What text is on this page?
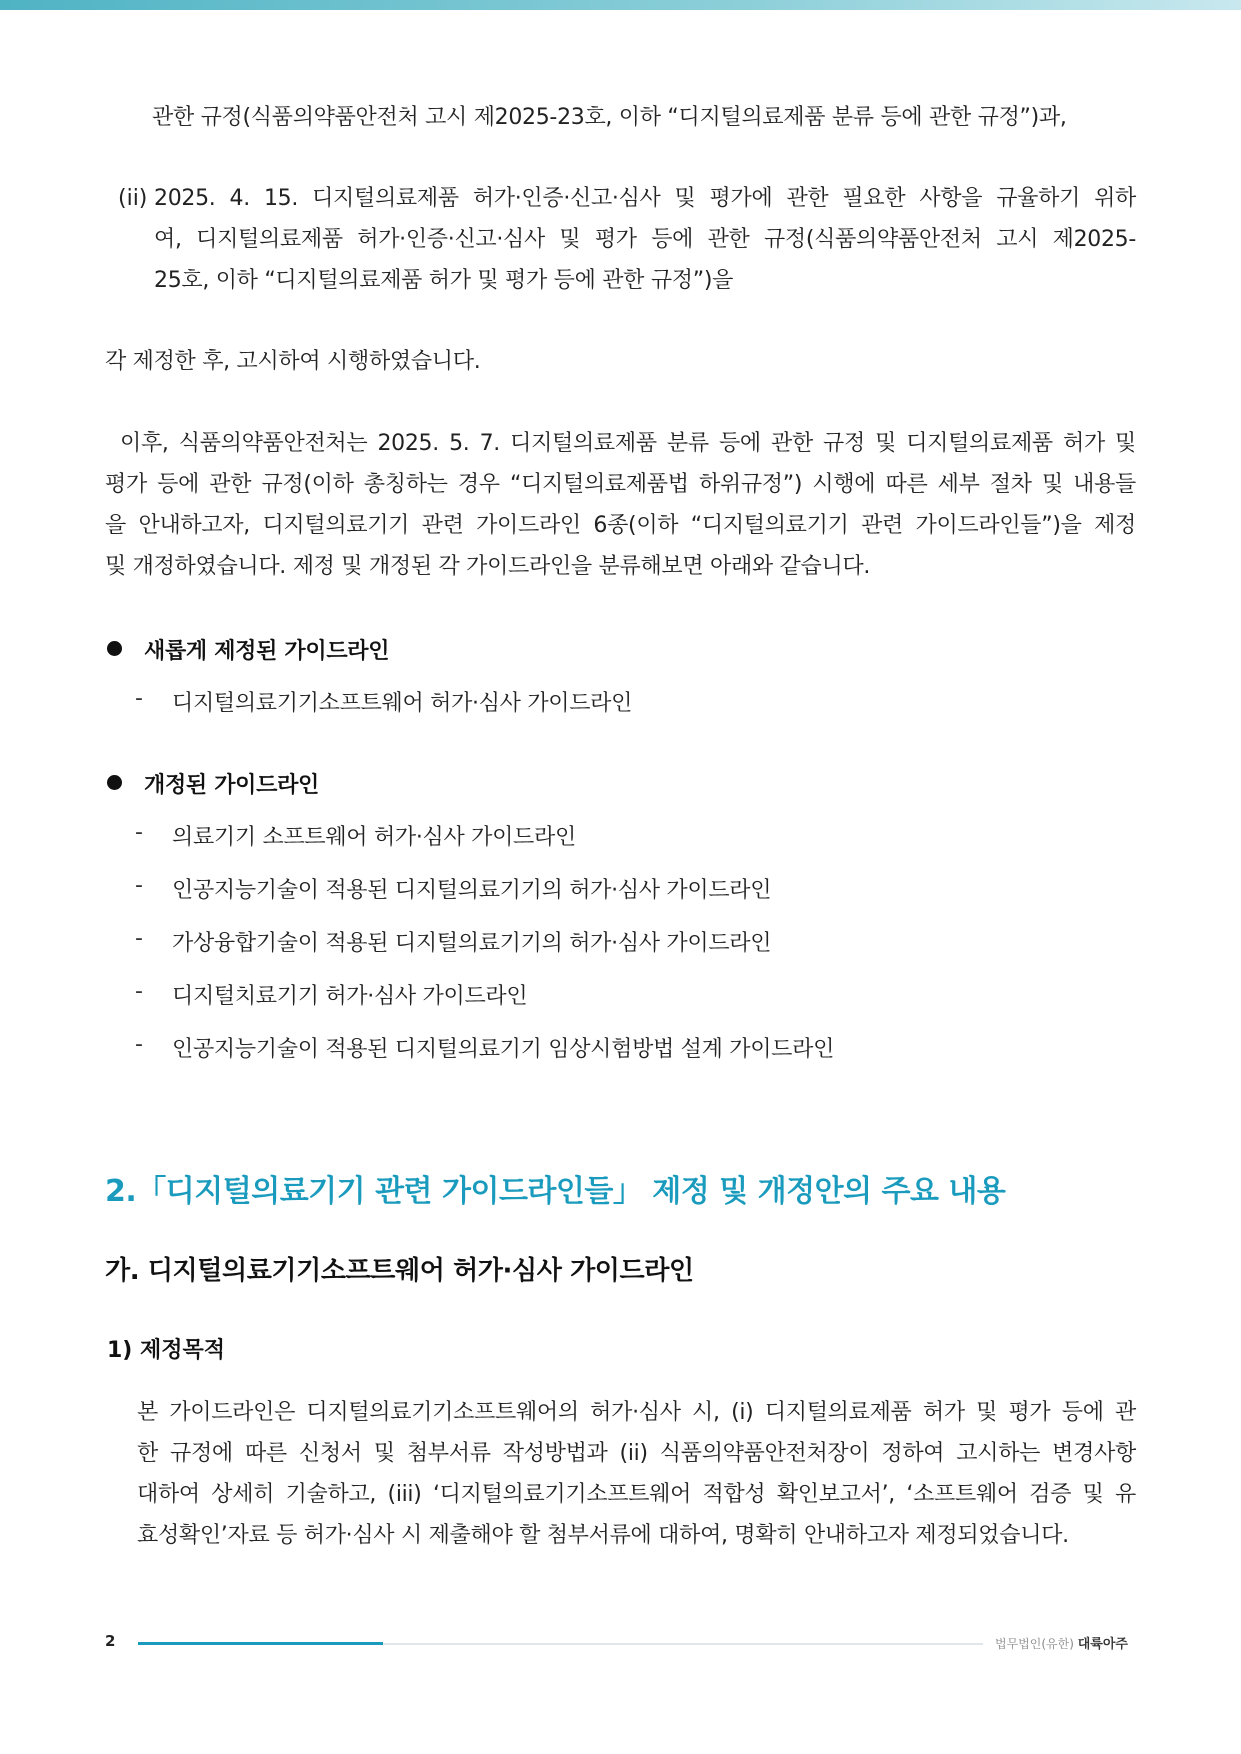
관한 규정(식품의약품안전처 고시 제2025-23호, 이하 “디지털의료제품 분류 등에 관한 규정”)과,
(ii) 2025. 4. 15. 디지털의료제품 허가·인증·신고·심사 및 평가에 관한 필요한 사항을 규율하기 위하
여, 디지털의료제품 허가·인증·신고·심사 및 평가 등에 관한 규정(식품의약품안전처 고시 제2025-
25호, 이하 “디지털의료제품 허가 및 평가 등에 관한 규정”)을
각 제정한 후, 고시하여 시행하였습니다.
이후, 식품의약품안전처는 2025. 5. 7. 디지털의료제품 분류 등에 관한 규정 및 디지털의료제품 허가 및
평가 등에 관한 규정(이하 총칭하는 경우 “디지털의료제품법 하위규정”) 시행에 따른 세부 절차 및 내용들
을 안내하고자, 디지털의료기기 관련 가이드라인 6종(이하 “디지털의료기기 관련 가이드라인들”)을 제정
및 개정하였습니다. 제정 및 개정된 각 가이드라인을 분류해보면 아래와 같습니다.
새롭게 제정된 가이드라인
- 디지털의료기기소프트웨어 허가·심사 가이드라인
개정된 가이드라인
- 의료기기 소프트웨어 허가·심사 가이드라인
- 인공지능기술이 적용된 디지털의료기기의 허가·심사 가이드라인
- 가상융합기술이 적용된 디지털의료기기의 허가·심사 가이드라인
- 디지털치료기기 허가·심사 가이드라인
- 인공지능기술이 적용된 디지털의료기기 임상시험방법 설계 가이드라인
2.「디지털의료기기 관련 가이드라인들」 제정 및 개정안의 주요 내용
가. 디지털의료기기소프트웨어 허가·심사 가이드라인
1) 제정목적
본 가이드라인은 디지털의료기기소프트웨어의 허가·심사 시, (i) 디지털의료제품 허가 및 평가 등에 관
한 규정에 따른 신청서 및 첨부서류 작성방법과 (ii) 식품의약품안전처장이 정하여 고시하는 변경사항
대하여 상세히 기술하고, (iii) ‘디지털의료기기소프트웨어 적합성 확인보고서’, ‘소프트웨어 검증 및 유
효성확인’자료 등 허가·심사 시 제출해야 할 첨부서류에 대하여, 명확히 안내하고자 제정되었습니다.
2	법무법인(유한) 대륙아주
